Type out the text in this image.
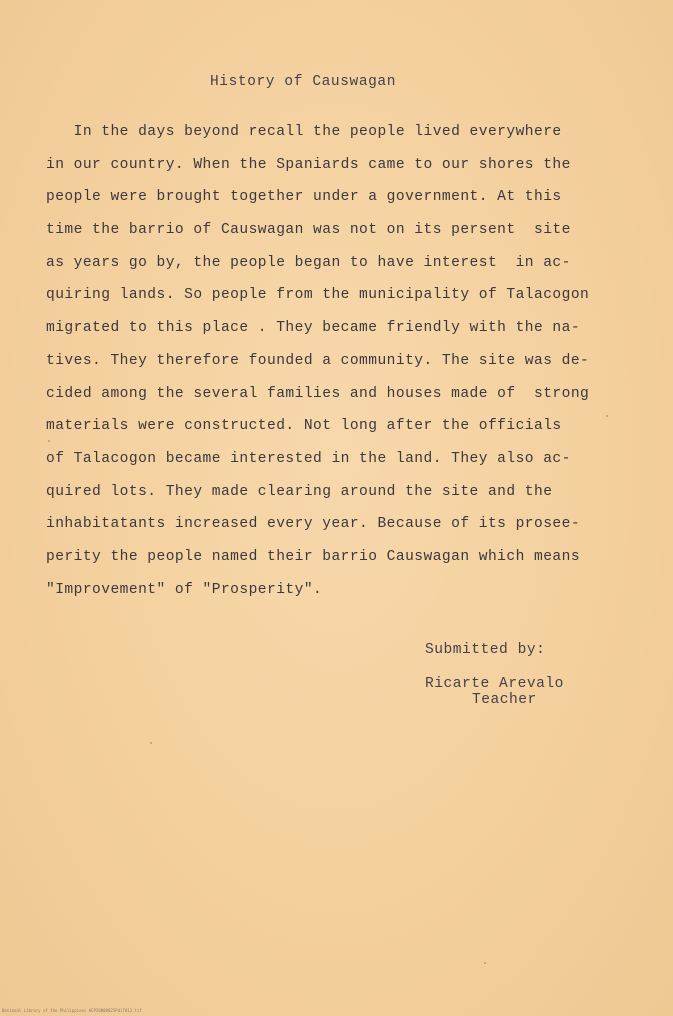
History of Causwagan
In the days beyond recall the people lived everywhere
in our country. When the Spaniards came to our shores the
people were brought together under a government. At this
time the barrio of Causwagan was not on its persent  site
as years go by, the people began to have interest  in ac-
quiring lands. So people from the municipality of Talacogon
migrated to this place . They became friendly with the na-
tives. They therefore founded a community. The site was de-
cided among the several families and houses made of  strong
materials were constructed. Not long after the officials
of Talacogon became interested in the land. They also ac-
quired lots. They made clearing around the site and the
inhabitatants increased every year. Because of its prosee-
perity the people named their barrio Causwagan which means
"Improvement" of "Prosperity".
Submitted by:
Ricarte Arevalo
Teacher
National Library of the Philippines HCP20000025Pdi7013.tif
